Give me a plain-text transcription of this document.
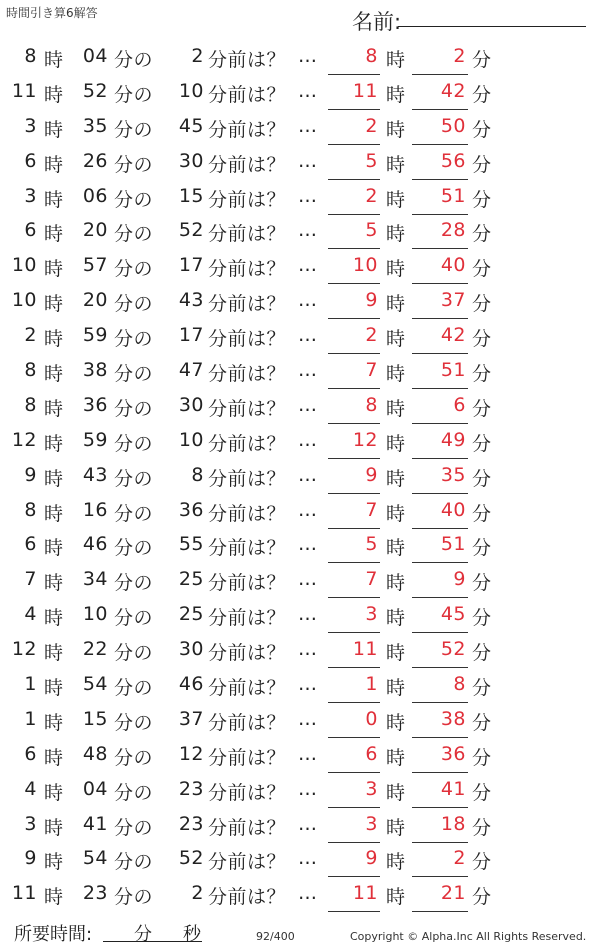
時間引き算6解答	名前:
8 時 04 分の	2 分前は？ …	8 時	2 分
11 時 52 分の	10 分前は？ …	11 時	42 分
3 時 35 分の	45 分前は？ …	2 時	50 分
6 時 26 分の	30 分前は？ …	5 時	56 分
3 時 06 分の	15 分前は？ …	2 時	51 分
6 時 20 分の	52 分前は？ …	5 時	28 分
10 時 57 分の	17 分前は？ …	10 時	40 分
10 時 20 分の	43 分前は？ …	9 時	37 分
2 時 59 分の	17 分前は？ …	2 時	42 分
8 時 38 分の	47 分前は？ …	7 時	51 分
8 時 36 分の	30 分前は？ …	8 時	6 分
12 時 59 分の	10 分前は？ …	12 時	49 分
9 時 43 分の	8 分前は？ …	9 時	35 分
8 時 16 分の	36 分前は？ …	7 時	40 分
6 時 46 分の	55 分前は？ …	5 時	51 分
7 時 34 分の	25 分前は？ …	7 時	9 分
4 時 10 分の	25 分前は？ …	3 時	45 分
12 時 22 分の	30 分前は？ …	11 時	52 分
1 時 54 分の	46 分前は？ …	1 時	8 分
1 時 15 分の	37 分前は？ …	0 時	38 分
6 時 48 分の	12 分前は？ …	6 時	36 分
4 時 04 分の	23 分前は？ …	3 時	41 分
3 時 41 分の	23 分前は？ …	3 時	18 分
9 時 54 分の	52 分前は？ …	9 時	2 分
11 時 23 分の	2 分前は？ …	11 時	21 分
所要時間: 分 秒	92/400	Copyright © Alpha.Inc All Rights Reserved.
